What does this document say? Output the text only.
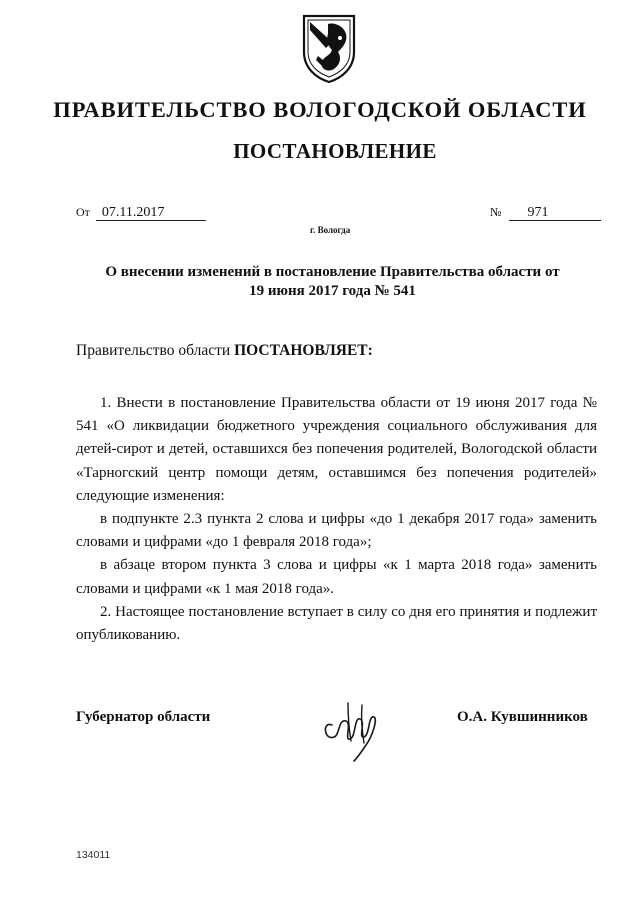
ПРАВИТЕЛЬСТВО ВОЛОГОДСКОЙ ОБЛАСТИ
ПОСТАНОВЛЕНИЕ
От 07.11.2017	№ 971
г. Вологда
О внесении изменений в постановление Правительства области от
19 июня 2017 года № 541
Правительство области ПОСТАНОВЛЯЕТ:

1. Внести в постановление Правительства области от 19 июня 2017 года № 541 «О ликвидации бюджетного учреждения социального обслуживания для детей-сирот и детей, оставшихся без попечения родителей, Вологодской области «Тарногский центр помощи детям, оставшимся без попечения родителей» следующие изменения:

в подпункте 2.3 пункта 2 слова и цифры «до 1 декабря 2017 года» заменить словами и цифрами «до 1 февраля 2018 года»;

в абзаце втором пункта 3 слова и цифры «к 1 марта 2018 года» заменить словами и цифрами «к 1 мая 2018 года».

2. Настоящее постановление вступает в силу со дня его принятия и подлежит опубликованию.

Губернатор области	О.А. Кувшинников
134011
